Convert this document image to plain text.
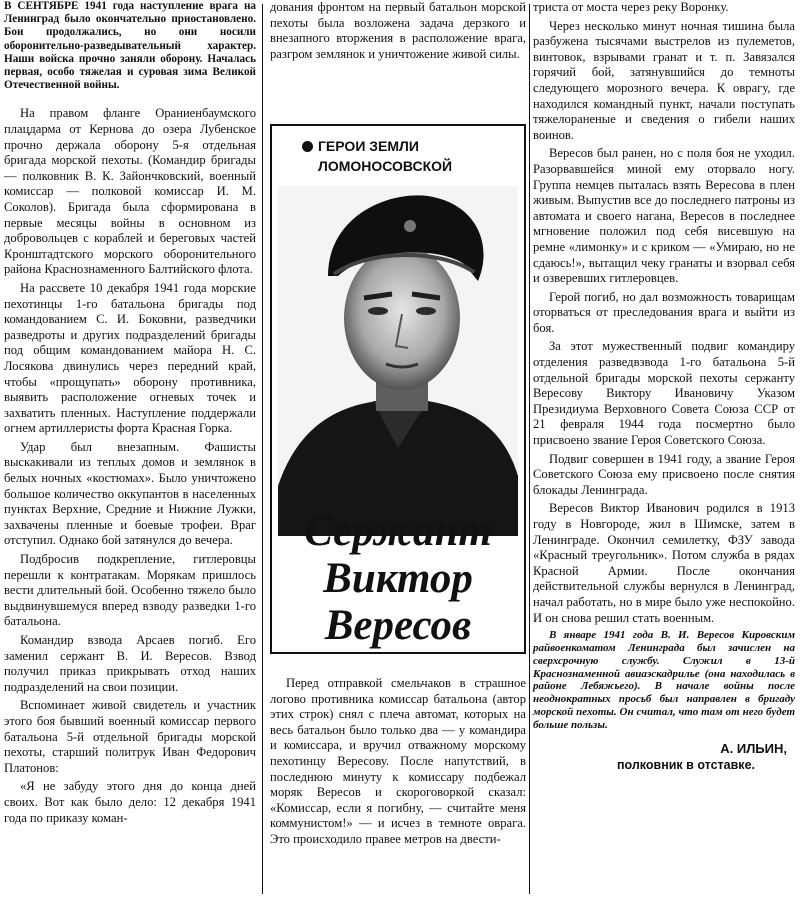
В СЕНТЯБРЕ 1941 года наступление врага на Ленинград было окончательно приостановлено. Бои продолжались, но они носили оборонительно-разведывательный характер. Наши войска прочно заняли оборону. Началась первая, особо тяжелая и суровая зима Великой Отечественной войны.

На правом фланге Ораниенбаумского плацдарма от Кернова до озера Лубенское прочно держала оборону 5-я отдельная бригада морской пехоты. (Командир бригады — полковник В. К. Зайончковский, военный комиссар — полковой комиссар И. М. Соколов). Бригада была сформирована в первые месяцы войны в основном из добровольцев с кораблей и береговых частей Кронштадтского морского оборонительного района Краснознаменного Балтийского флота.

На рассвете 10 декабря 1941 года морские пехотинцы 1-го батальона бригады под командованием С. И. Боковни, разведчики разведроты и других подразделений бригады под общим командованием майора Н. С. Лосякова двинулись через передний край, чтобы «прощупать» оборону противника, выявить расположение огневых точек и захватить пленных. Наступление поддержали огнем артиллеристы форта Красная Горка.

Удар был внезапным. Фашисты выскакивали из теплых домов и землянок в белых ночных «костюмах». Было уничтожено большое количество оккупантов в населенных пунктах Верхние, Средние и Нижние Лужки, захвачены пленные и боевые трофеи. Враг отступил. Однако бой затянулся до вечера.

Подбросив подкрепление, гитлеровцы перешли к контратакам. Морякам пришлось вести длительный бой. Особенно тяжело было выдвинувшемуся вперед взводу разведки 1-го батальона.

Командир взвода Арсаев погиб. Его заменил сержант В. И. Вересов. Взвод получил приказ прикрывать отход наших подразделений на свои позиции.

Вспоминает живой свидетель и участник этого боя бывший военный комиссар первого батальона 5-й отдельной бригады морской пехоты, старший политрук Иван Федорович Платонов:

«Я не забуду этого дня до конца дней своих. Вот как было дело: 12 декабря 1941 года по приказу коман-

дования фронтом на первый батальон морской пехоты была возложена задача дерзкого и внезапного вторжения в расположение врага, разгром землянок и уничтожение живой силы.

ГЕРОИ ЗЕМЛИ
ЛОМОНОСОВСКОЙ
Сержант
Виктор
Вересов

Перед отправкой смельчаков в страшное логово противника комиссар батальона (автор этих строк) снял с плеча автомат, которых на весь батальон было только два — у командира и комиссара, и вручил отважному морскому пехотинцу Вересову. После напутствий, в последнюю минуту к комиссару подбежал моряк Вересов и скороговоркой сказал: «Комиссар, если я погибну, — считайте меня коммунистом!» — и исчез в темноте оврага. Это происходило правее метров на двести-

триста от моста через реку Воронку.

Через несколько минут ночная тишина была разбужена тысячами выстрелов из пулеметов, винтовок, взрывами гранат и т. п. Завязался горячий бой, затянувшийся до темноты следующего морозного вечера. К оврагу, где находился командный пункт, начали поступать тяжелораненые и сведения о гибели наших воинов.

Вересов был ранен, но с поля боя не уходил. Разорвавшейся миной ему оторвало ногу. Группа немцев пыталась взять Вересова в плен живым. Выпустив все до последнего патроны из автомата и своего нагана, Вересов в последнее мгновение положил под себя висевшую на ремне «лимонку» и с криком — «Умираю, но не сдаюсь!», вытащил чеку гранаты и взорвал себя и озверевших гитлеровцев.

Герой погиб, но дал возможность товарищам оторваться от преследования врага и выйти из боя.

За этот мужественный подвиг командиру отделения разведвзвода 1-го батальона 5-й отдельной бригады морской пехоты сержанту Вересову Виктору Ивановичу Указом Президиума Верховного Совета Союза ССР от 21 февраля 1944 года посмертно было присвоено звание Героя Советского Союза.

Подвиг совершен в 1941 году, а звание Героя Советского Союза ему присвоено после снятия блокады Ленинграда.

Вересов Виктор Иванович родился в 1913 году в Новгороде, жил в Шимске, затем в Ленинграде. Окончил семилетку, ФЗУ завода «Красный треугольник». Потом служба в рядах Красной Армии. После окончания действительной службы вернулся в Ленинград, начал работать, но в мире было уже неспокойно. И он снова решил стать военным.

В январе 1941 года В. И. Вересов Кировским райвоенкоматом Ленинграда был зачислен на сверхсрочную службу. Служил в 13-й Краснознаменной авиаэскадрилье (она находилась в районе Лебяжьего). В начале войны после неоднократных просьб был направлен в бригаду морской пехоты. Он считал, что там от него будет больше пользы.

А. ИЛЬИН,
полковник в отставке.
